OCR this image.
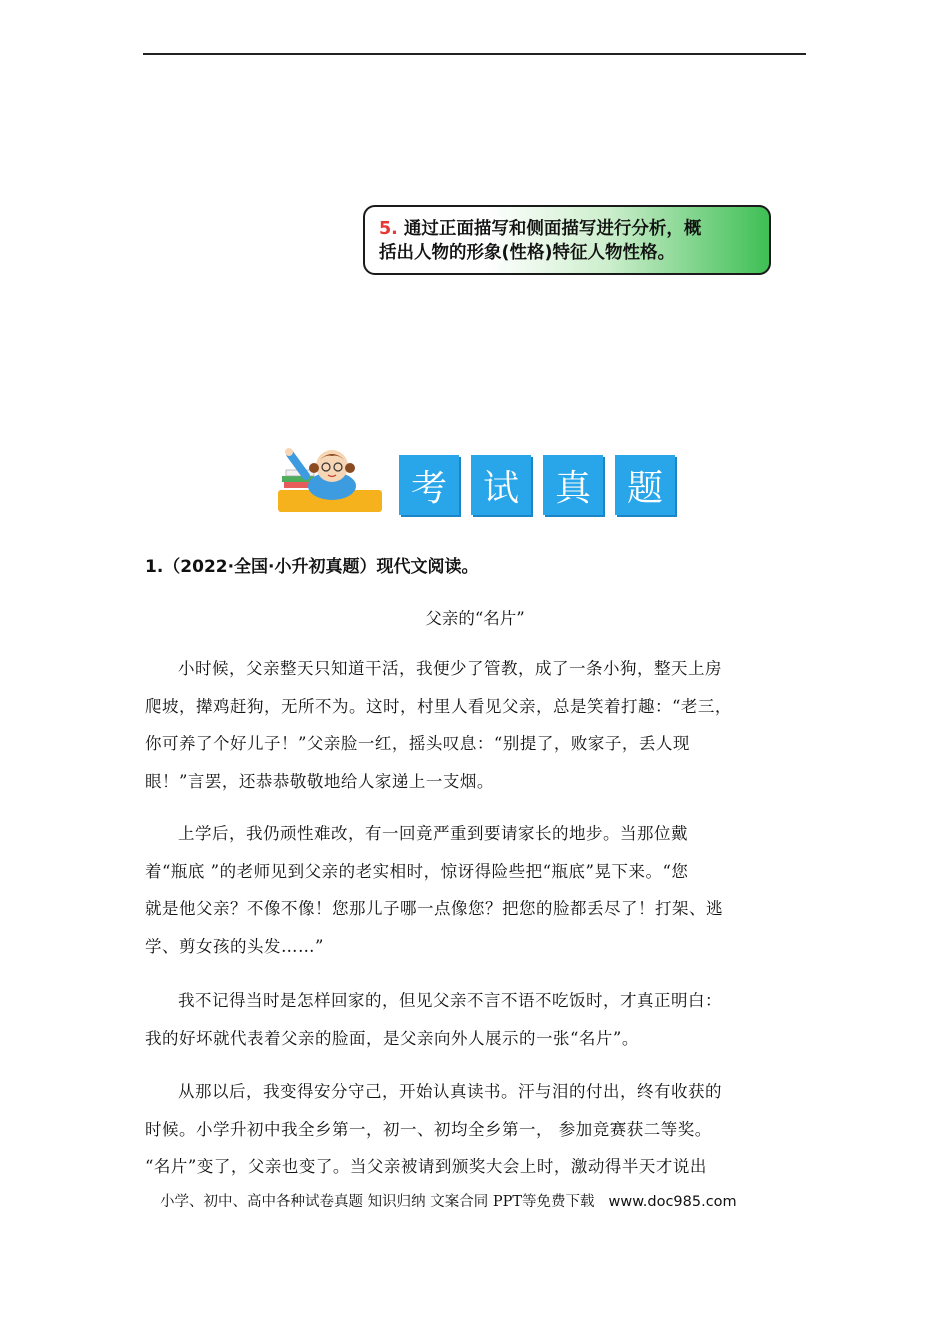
5. 通过正面描写和侧面描写进行分析，概
括出人物的形象(性格)特征人物性格。
考 试 真 题
1.（2022·全国·小升初真题）现代文阅读。
父亲的“名片”
小时候，父亲整天只知道干活，我便少了管教，成了一条小狗，整天上房
爬坡，撵鸡赶狗，无所不为。这时，村里人看见父亲，总是笑着打趣：“老三，
你可养了个好儿子！”父亲脸一红，摇头叹息：“别提了，败家子，丢人现
眼！”言罢，还恭恭敬敬地给人家递上一支烟。
上学后，我仍顽性难改，有一回竟严重到要请家长的地步。当那位戴
着“瓶底 ”的老师见到父亲的老实相时，惊讶得险些把“瓶底”晃下来。“您
就是他父亲？不像不像！您那儿子哪一点像您？把您的脸都丢尽了！打架、逃
学、剪女孩的头发……”
我不记得当时是怎样回家的，但见父亲不言不语不吃饭时，才真正明白：
我的好坏就代表着父亲的脸面，是父亲向外人展示的一张“名片”。
从那以后，我变得安分守己，开始认真读书。汗与泪的付出，终有收获的
时候。小学升初中我全乡第一，初一、初均全乡第一， 参加竞赛获二等奖。
“名片”变了，父亲也变了。当父亲被请到颁奖大会上时，激动得半天才说出
小学、初中、高中各种试卷真题 知识归纳 文案合同 PPT等免费下载 www.doc985.com
